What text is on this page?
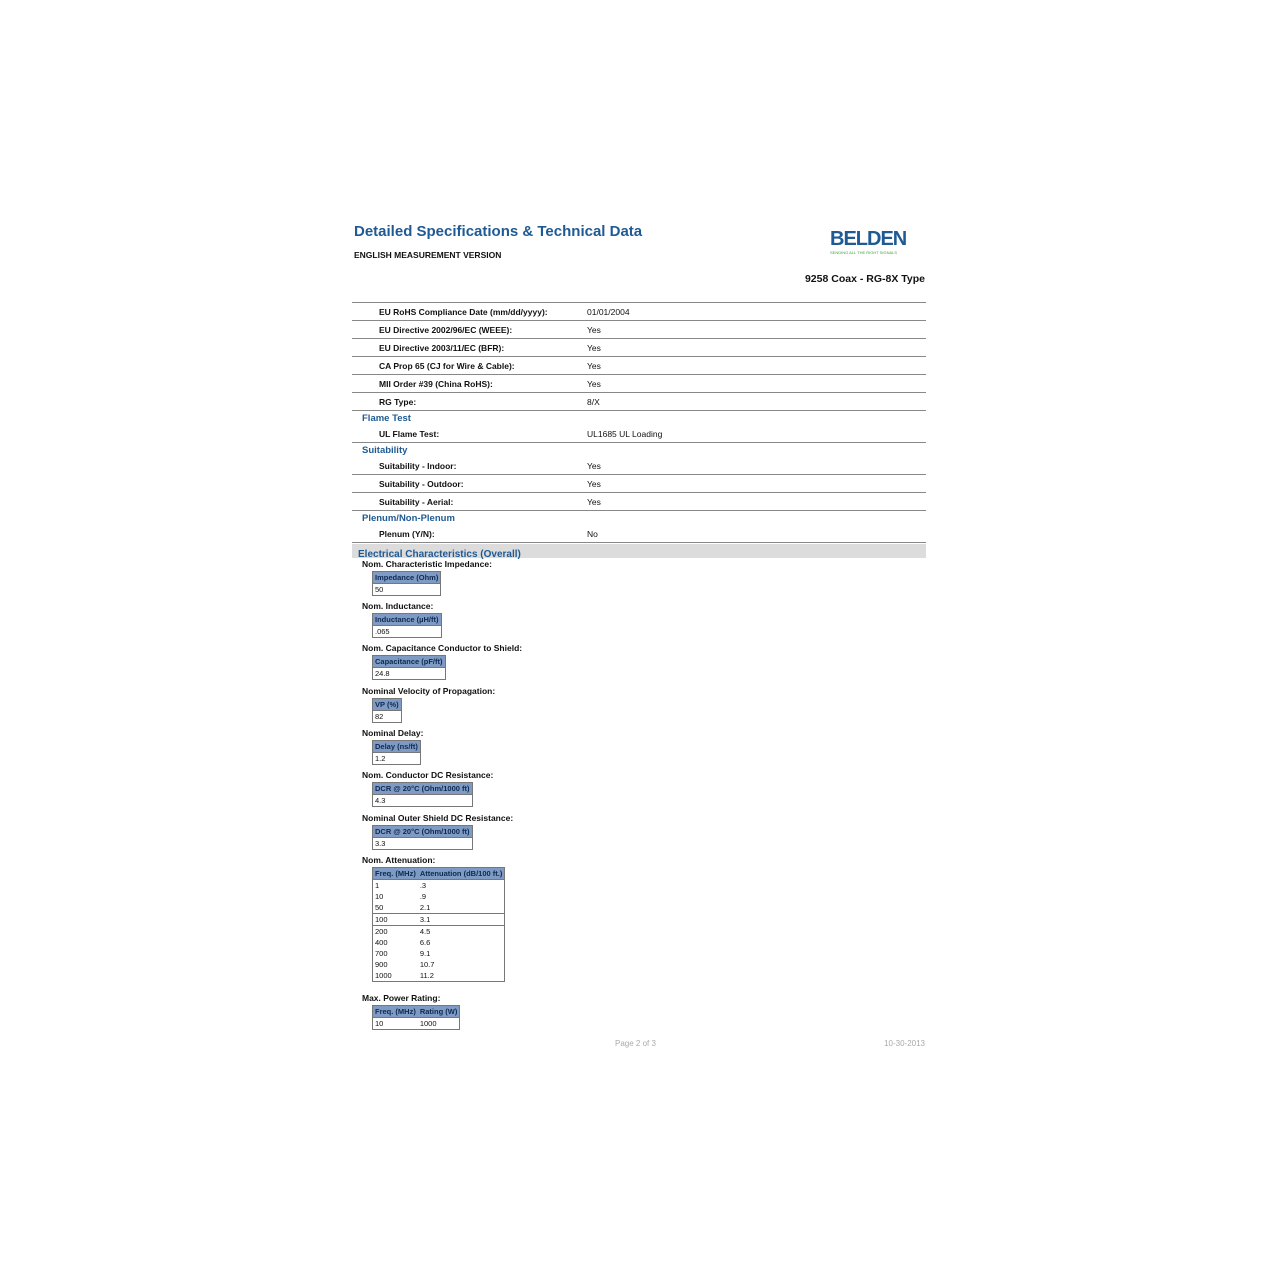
Detailed Specifications & Technical Data
ENGLISH MEASUREMENT VERSION
BELDEN
SENDING ALL THE RIGHT SIGNALS
9258 Coax - RG-8X Type
EU RoHS Compliance Date (mm/dd/yyyy):	01/01/2004
EU Directive 2002/96/EC (WEEE):	Yes
EU Directive 2003/11/EC (BFR):	Yes
CA Prop 65 (CJ for Wire & Cable):	Yes
MII Order #39 (China RoHS):	Yes
RG Type:	8/X
Flame Test
UL Flame Test:	UL1685 UL Loading
Suitability
Suitability - Indoor:	Yes
Suitability - Outdoor:	Yes
Suitability - Aerial:	Yes
Plenum/Non-Plenum
Plenum (Y/N):	No
Electrical Characteristics (Overall)
Nom. Characteristic Impedance:
Impedance (Ohm)
50
Nom. Inductance:
Inductance (µH/ft)
.065
Nom. Capacitance Conductor to Shield:
Capacitance (pF/ft)
24.8
Nominal Velocity of Propagation:
VP (%)
82
Nominal Delay:
Delay (ns/ft)
1.2
Nom. Conductor DC Resistance:
DCR @ 20°C (Ohm/1000 ft)
4.3
Nominal Outer Shield DC Resistance:
DCR @ 20°C (Ohm/1000 ft)
3.3
Nom. Attenuation:
Freq. (MHz)	Attenuation (dB/100 ft.)
1	.3
10	.9
50	2.1
100	3.1
200	4.5
400	6.6
700	9.1
900	10.7
1000	11.2
Max. Power Rating:
Freq. (MHz)	Rating (W)
10	1000
Page 2 of 3	10-30-2013
